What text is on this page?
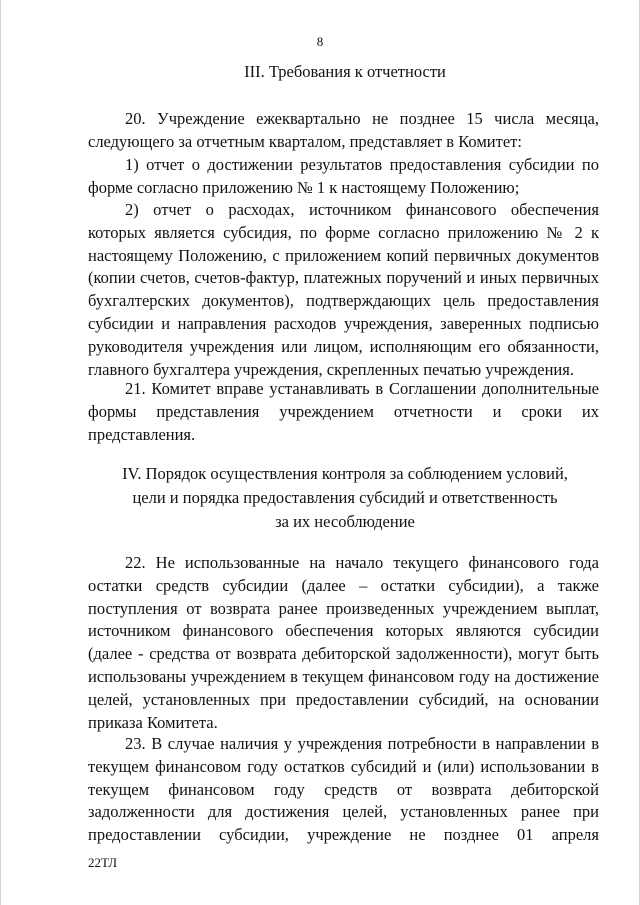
8
III. Требования к отчетности

20. Учреждение ежеквартально не позднее 15 числа месяца, следующего за отчетным кварталом, представляет в Комитет:

1) отчет о достижении результатов предоставления субсидии по форме согласно приложению № 1 к настоящему Положению;

2) отчет о расходах, источником финансового обеспечения которых является субсидия, по форме согласно приложению № 2 к настоящему Положению, с приложением копий первичных документов (копии счетов, счетов-фактур, платежных поручений и иных первичных бухгалтерских документов), подтверждающих цель предоставления субсидии и направления расходов учреждения, заверенных подписью руководителя учреждения или лицом, исполняющим его обязанности, главного бухгалтера учреждения, скрепленных печатью учреждения.

21. Комитет вправе устанавливать в Соглашении дополнительные формы представления учреждением отчетности и сроки их представления.

IV. Порядок осуществления контроля за соблюдением условий,
цели и порядка предоставления субсидий и ответственность
за их несоблюдение

22. Не использованные на начало текущего финансового года остатки средств субсидии (далее – остатки субсидии), а также поступления от возврата ранее произведенных учреждением выплат, источником финансового обеспечения которых являются субсидии (далее - средства от возврата дебиторской задолженности), могут быть использованы учреждением в текущем финансовом году на достижение целей, установленных при предоставлении субсидий, на основании приказа Комитета.

23. В случае наличия у учреждения потребности в направлении в текущем финансовом году остатков субсидий и (или) использовании в текущем финансовом году средств от возврата дебиторской задолженности для достижения целей, установленных ранее при предоставлении субсидии, учреждение не позднее 01 апреля

22ТЛ
